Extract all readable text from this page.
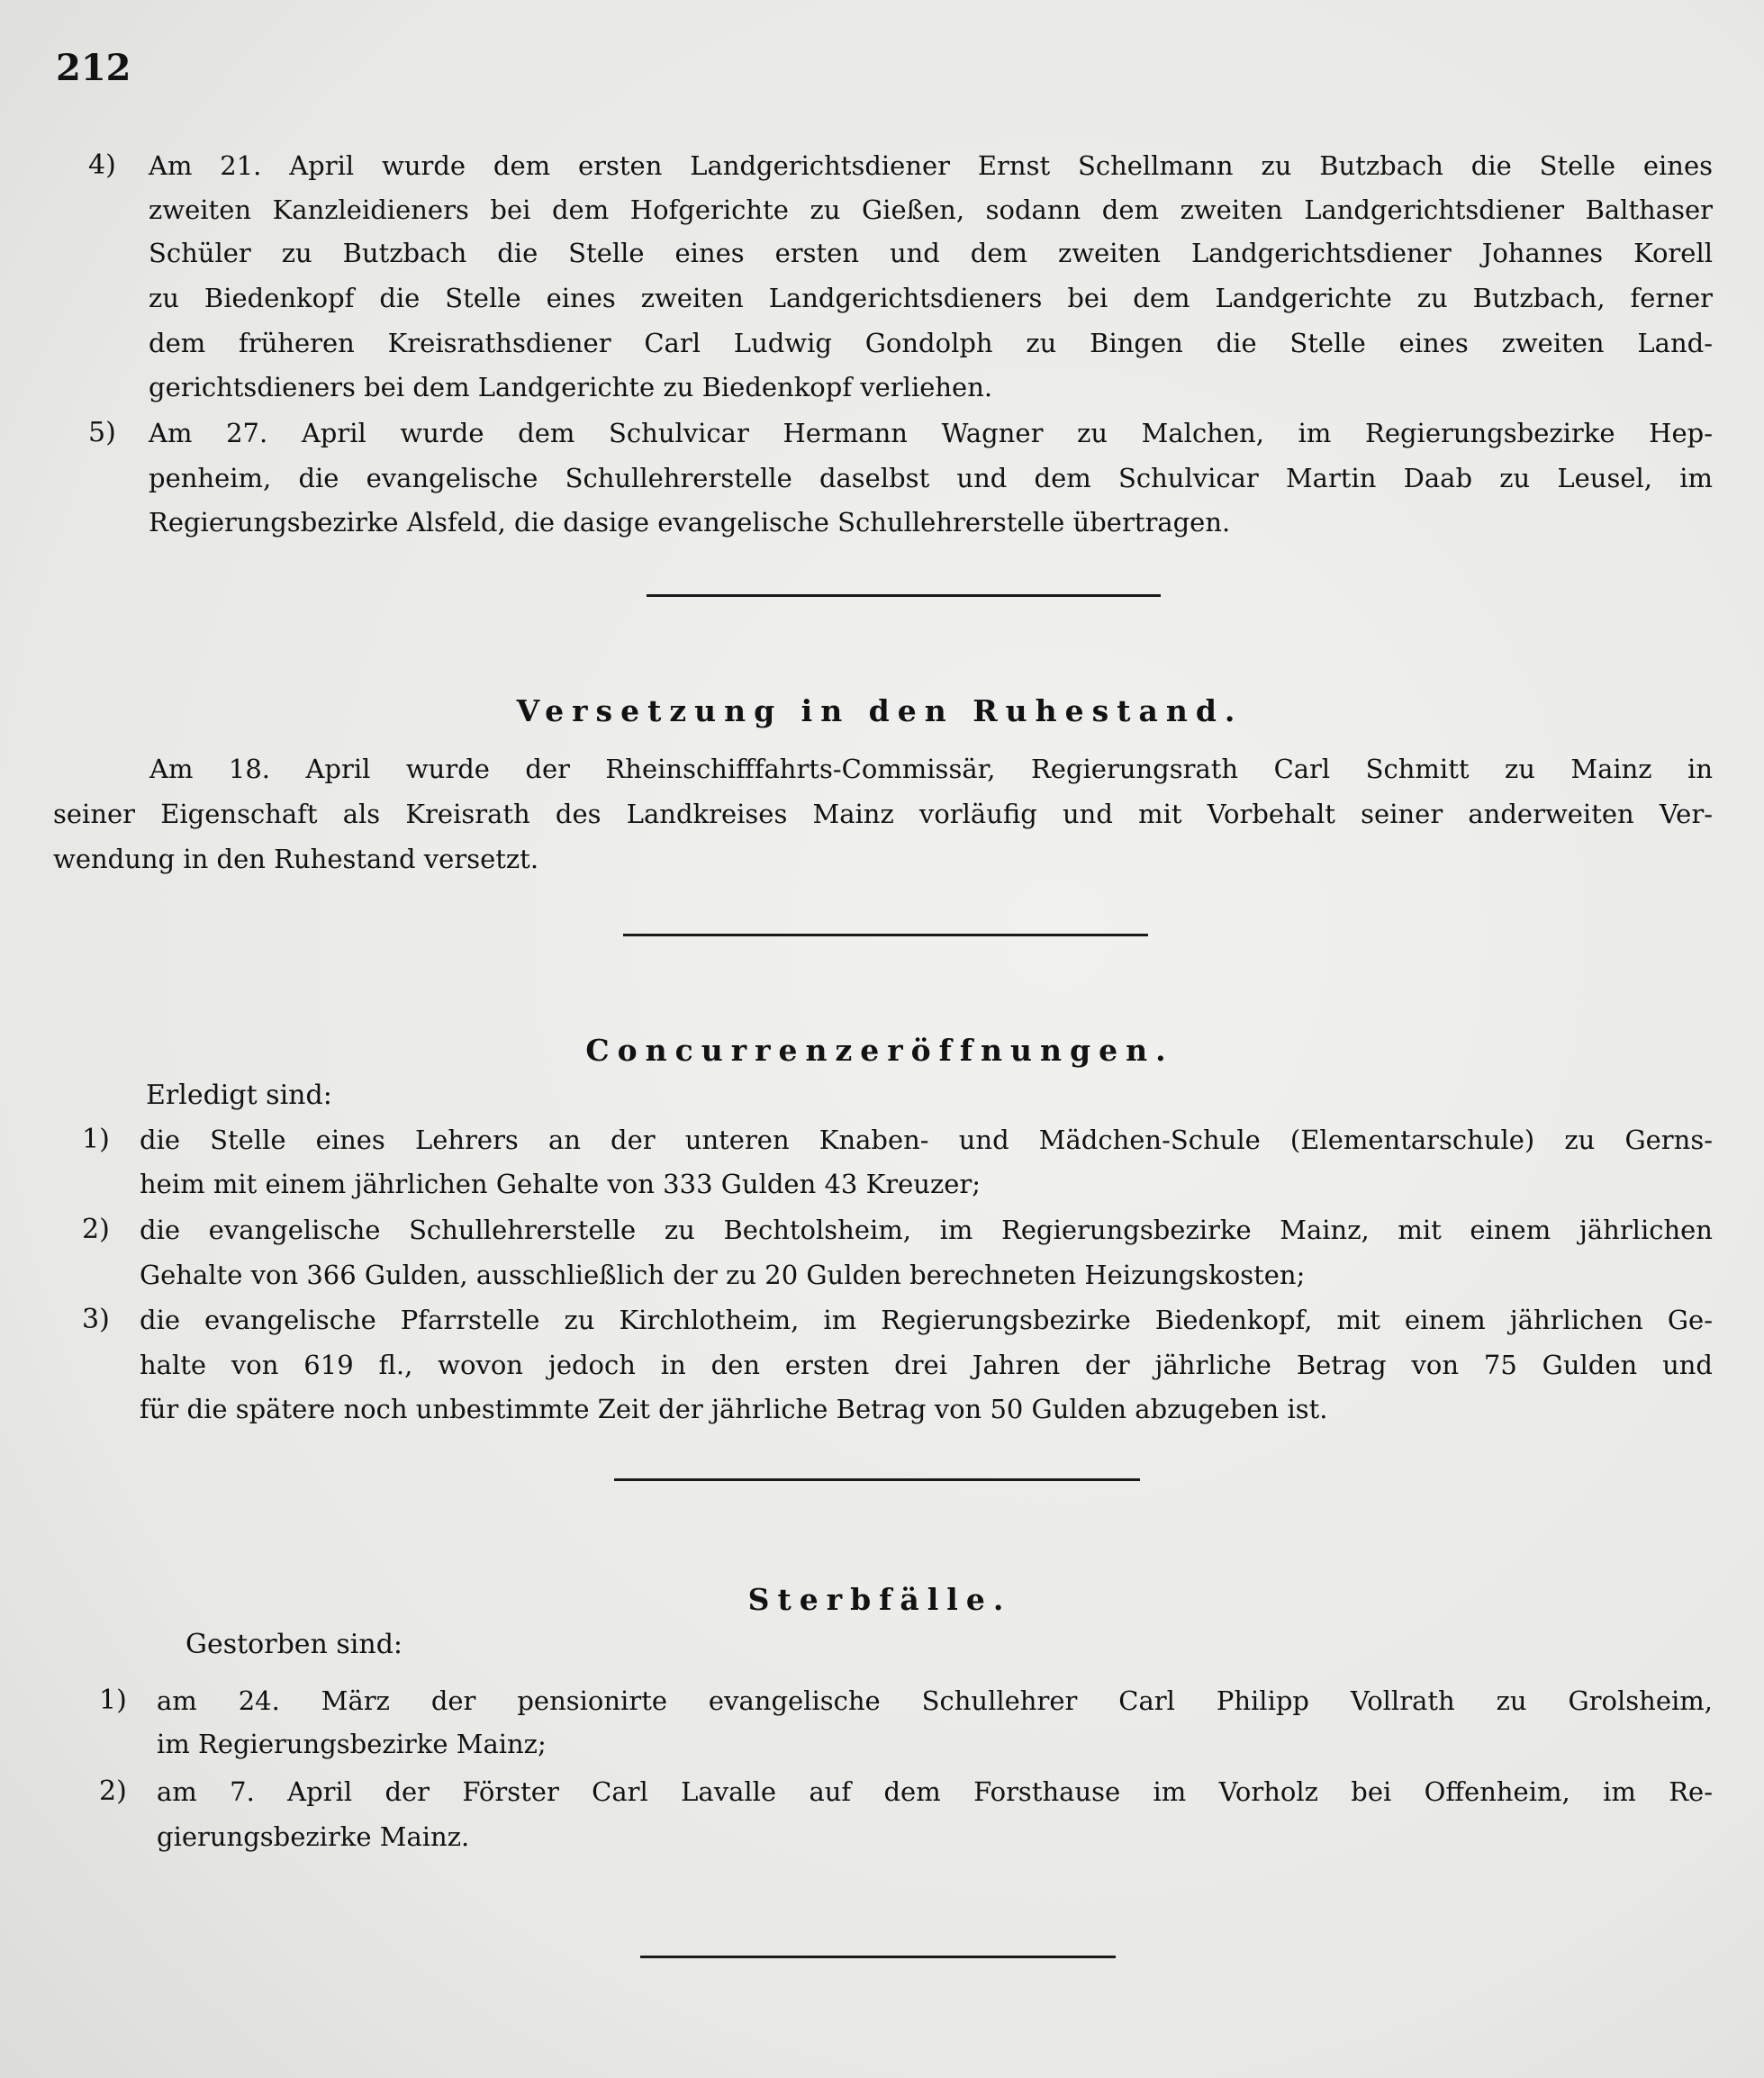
212
4) Am 21. April wurde dem ersten Landgerichtsdiener Ernst Schellmann zu Butzbach die Stelle eines
zweiten Kanzleidieners bei dem Hofgerichte zu Gießen, sodann dem zweiten Landgerichtsdiener Balthaser
Schüler zu Butzbach die Stelle eines ersten und dem zweiten Landgerichtsdiener Johannes Korell
zu Biedenkopf die Stelle eines zweiten Landgerichtsdieners bei dem Landgerichte zu Butzbach, ferner
dem früheren Kreisrathsdiener Carl Ludwig Gondolph zu Bingen die Stelle eines zweiten Land-
gerichtsdieners bei dem Landgerichte zu Biedenkopf verliehen.
5) Am 27. April wurde dem Schulvicar Hermann Wagner zu Malchen, im Regierungsbezirke Hep-
penheim, die evangelische Schullehrerstelle daselbst und dem Schulvicar Martin Daab zu Leusel, im
Regierungsbezirke Alsfeld, die dasige evangelische Schullehrerstelle übertragen.
Versetzung in den Ruhestand.
Am 18. April wurde der Rheinschifffahrts-Commissär, Regierungsrath Carl Schmitt zu Mainz in
seiner Eigenschaft als Kreisrath des Landkreises Mainz vorläufig und mit Vorbehalt seiner anderweiten Ver-
wendung in den Ruhestand versetzt.
Concurrenzeröffnungen.
Erledigt sind:
1) die Stelle eines Lehrers an der unteren Knaben- und Mädchen-Schule (Elementarschule) zu Gerns-
heim mit einem jährlichen Gehalte von 333 Gulden 43 Kreuzer;
2) die evangelische Schullehrerstelle zu Bechtolsheim, im Regierungsbezirke Mainz, mit einem jährlichen
Gehalte von 366 Gulden, ausschließlich der zu 20 Gulden berechneten Heizungskosten;
3) die evangelische Pfarrstelle zu Kirchlotheim, im Regierungsbezirke Biedenkopf, mit einem jährlichen Ge-
halte von 619 fl., wovon jedoch in den ersten drei Jahren der jährliche Betrag von 75 Gulden und
für die spätere noch unbestimmte Zeit der jährliche Betrag von 50 Gulden abzugeben ist.
Sterbfälle.
Gestorben sind:
1) am 24. März der pensionirte evangelische Schullehrer Carl Philipp Vollrath zu Grolsheim,
im Regierungsbezirke Mainz;
2) am 7. April der Förster Carl Lavalle auf dem Forsthause im Vorholz bei Offenheim, im Re-
gierungsbezirke Mainz.
